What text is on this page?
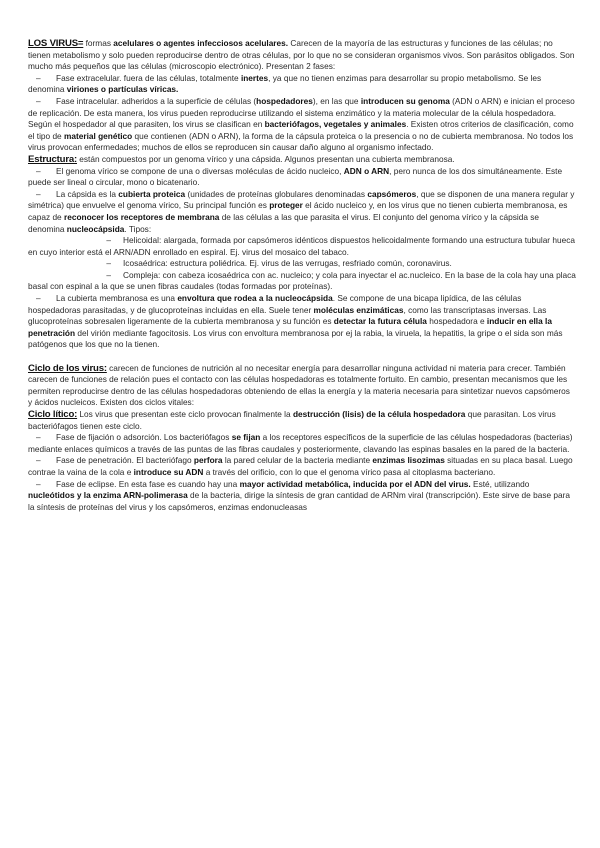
LOS VIRUS= formas acelulares o agentes infecciosos acelulares. Carecen de la mayoría de las estructuras y funciones de las células; no tienen metabolismo y solo pueden reproducirse dentro de otras células, por lo que no se consideran organismos vivos. Son parásitos obligados. Son mucho más pequeños que las células (microscopio electrónico). Presentan 2 fases:

– Fase extracelular. fuera de las células, totalmente inertes, ya que no tienen enzimas para desarrollar su propio metabolismo. Se les denomina viriones o partículas víricas.

– Fase intracelular. adheridos a la superficie de células (hospedadores), en las que introducen su genoma (ADN o ARN) e inician el proceso de replicación. De esta manera, los virus pueden reproducirse utilizando el sistema enzimático y la materia molecular de la célula hospedadora.

Según el hospedador al que parasiten, los virus se clasifican en bacteriófagos, vegetales y animales. Existen otros criterios de clasificación, como el tipo de material genético que contienen (ADN o ARN), la forma de la cápsula proteica o la presencia o no de cubierta membranosa. No todos los virus provocan enfermedades; muchos de ellos se reproducen sin causar daño alguno al organismo infectado.

Estructura: están compuestos por un genoma vírico y una cápsida. Algunos presentan una cubierta membranosa.

– El genoma vírico se compone de una o diversas moléculas de ácido nucleico, ADN o ARN, pero nunca de los dos simultáneamente. Este puede ser lineal o circular, mono o bicatenario.

– La cápsida es la cubierta proteica (unidades de proteínas globulares denominadas capsómeros, que se disponen de una manera regular y simétrica) que envuelve el genoma vírico, Su principal función es proteger el ácido nucleico y, en los virus que no tienen cubierta membranosa, es capaz de reconocer los receptores de membrana de las células a las que parasita el virus. El conjunto del genoma vírico y la cápsida se denomina nucleocápsida. Tipos:

– Helicoidal: alargada, formada por capsómeros idénticos dispuestos helicoidalmente formando una estructura tubular hueca en cuyo interior está el ARN/ADN enrollado en espiral. Ej. virus del mosaico del tabaco.

– Icosaédrica: estructura poliédrica. Ej. virus de las verrugas, resfriado común, coronavirus.

– Compleja: con cabeza icosaédrica con ac. nucleico; y cola para inyectar el ac.nucleico. En la base de la cola hay una placa basal con espinal a la que se unen fibras caudales (todas formadas por proteínas).

– La cubierta membranosa es una envoltura que rodea a la nucleocápsida. Se compone de una bicapa lipídica, de las células hospedadoras parasitadas, y de glucoproteínas incluidas en ella. Suele tener moléculas enzimáticas, como las transcriptasas inversas. Las glucoproteínas sobresalen ligeramente de la cubierta membranosa y su función es detectar la futura célula hospedadora e inducir en ella la penetración del virión mediante fagocitosis. Los virus con envoltura membranosa por ej la rabia, la viruela, la hepatitis, la gripe o el sida son más patógenos que los que no la tienen.

Ciclo de los virus: carecen de funciones de nutrición al no necesitar energía para desarrollar ninguna actividad ni materia para crecer. También carecen de funciones de relación pues el contacto con las células hospedadoras es totalmente fortuito. En cambio, presentan mecanismos que les permiten reproducirse dentro de las células hospedadoras obteniendo de ellas la energía y la materia necesaria para sintetizar nuevos capsómeros y ácidos nucleicos. Existen dos ciclos vitales:

Ciclo lítico: Los virus que presentan este ciclo provocan finalmente la destrucción (lisis) de la célula hospedadora que parasitan. Los virus bacteriófagos tienen este ciclo.

– Fase de fijación o adsorción. Los bacteriófagos se fijan a los receptores específicos de la superficie de las células hospedadoras (bacterias) mediante enlaces químicos a través de las puntas de las fibras caudales y posteriormente, clavando las espinas basales en la pared de la bacteria.

– Fase de penetración. El bacteriófago perfora la pared celular de la bacteria mediante enzimas lisozimas situadas en su placa basal. Luego contrae la vaina de la cola e introduce su ADN a través del orificio, con lo que el genoma vírico pasa al citoplasma bacteriano.

– Fase de eclipse. En esta fase es cuando hay una mayor actividad metabólica, inducida por el ADN del virus. Esté, utilizando nucleótidos y la enzima ARN-polimerasa de la bacteria, dirige la síntesis de gran cantidad de ARNm viral (transcripción). Este sirve de base para la síntesis de proteínas del virus y los capsómeros, enzimas endonucleasas
